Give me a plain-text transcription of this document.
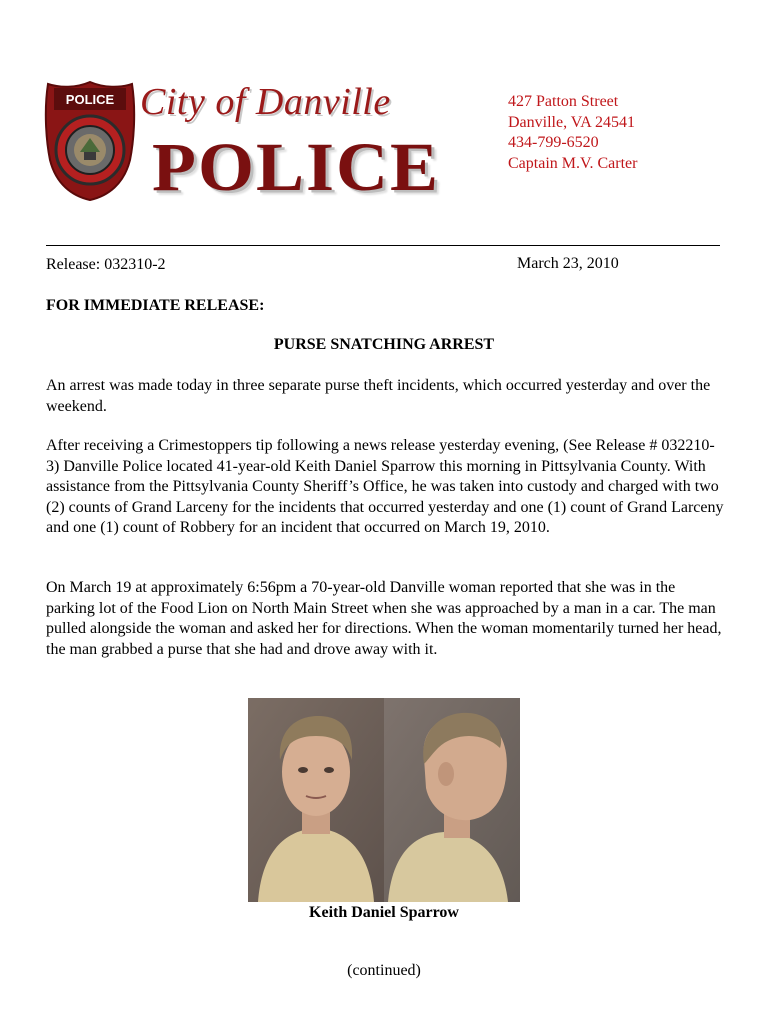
POLICE City of Danville
POLICE
427 Patton Street
Danville, VA 24541
434-799-6520
Captain M.V. Carter
Release: 032310-2	March 23, 2010
FOR IMMEDIATE RELEASE:
PURSE SNATCHING ARREST
An arrest was made today in three separate purse theft incidents, which occurred yesterday and over the weekend.
After receiving a Crimestoppers tip following a news release yesterday evening, (See Release # 032210-3) Danville Police located 41-year-old Keith Daniel Sparrow this morning in Pittsylvania County. With assistance from the Pittsylvania County Sheriff’s Office, he was taken into custody and charged with two (2) counts of Grand Larceny for the incidents that occurred yesterday and one (1) count of Grand Larceny and one (1) count of Robbery for an incident that occurred on March 19, 2010.
On March 19 at approximately 6:56pm a 70-year-old Danville woman reported that she was in the parking lot of the Food Lion on North Main Street when she was approached by a man in a car. The man pulled alongside the woman and asked her for directions. When the woman momentarily turned her head, the man grabbed a purse that she had and drove away with it.
Keith Daniel Sparrow
(continued)
